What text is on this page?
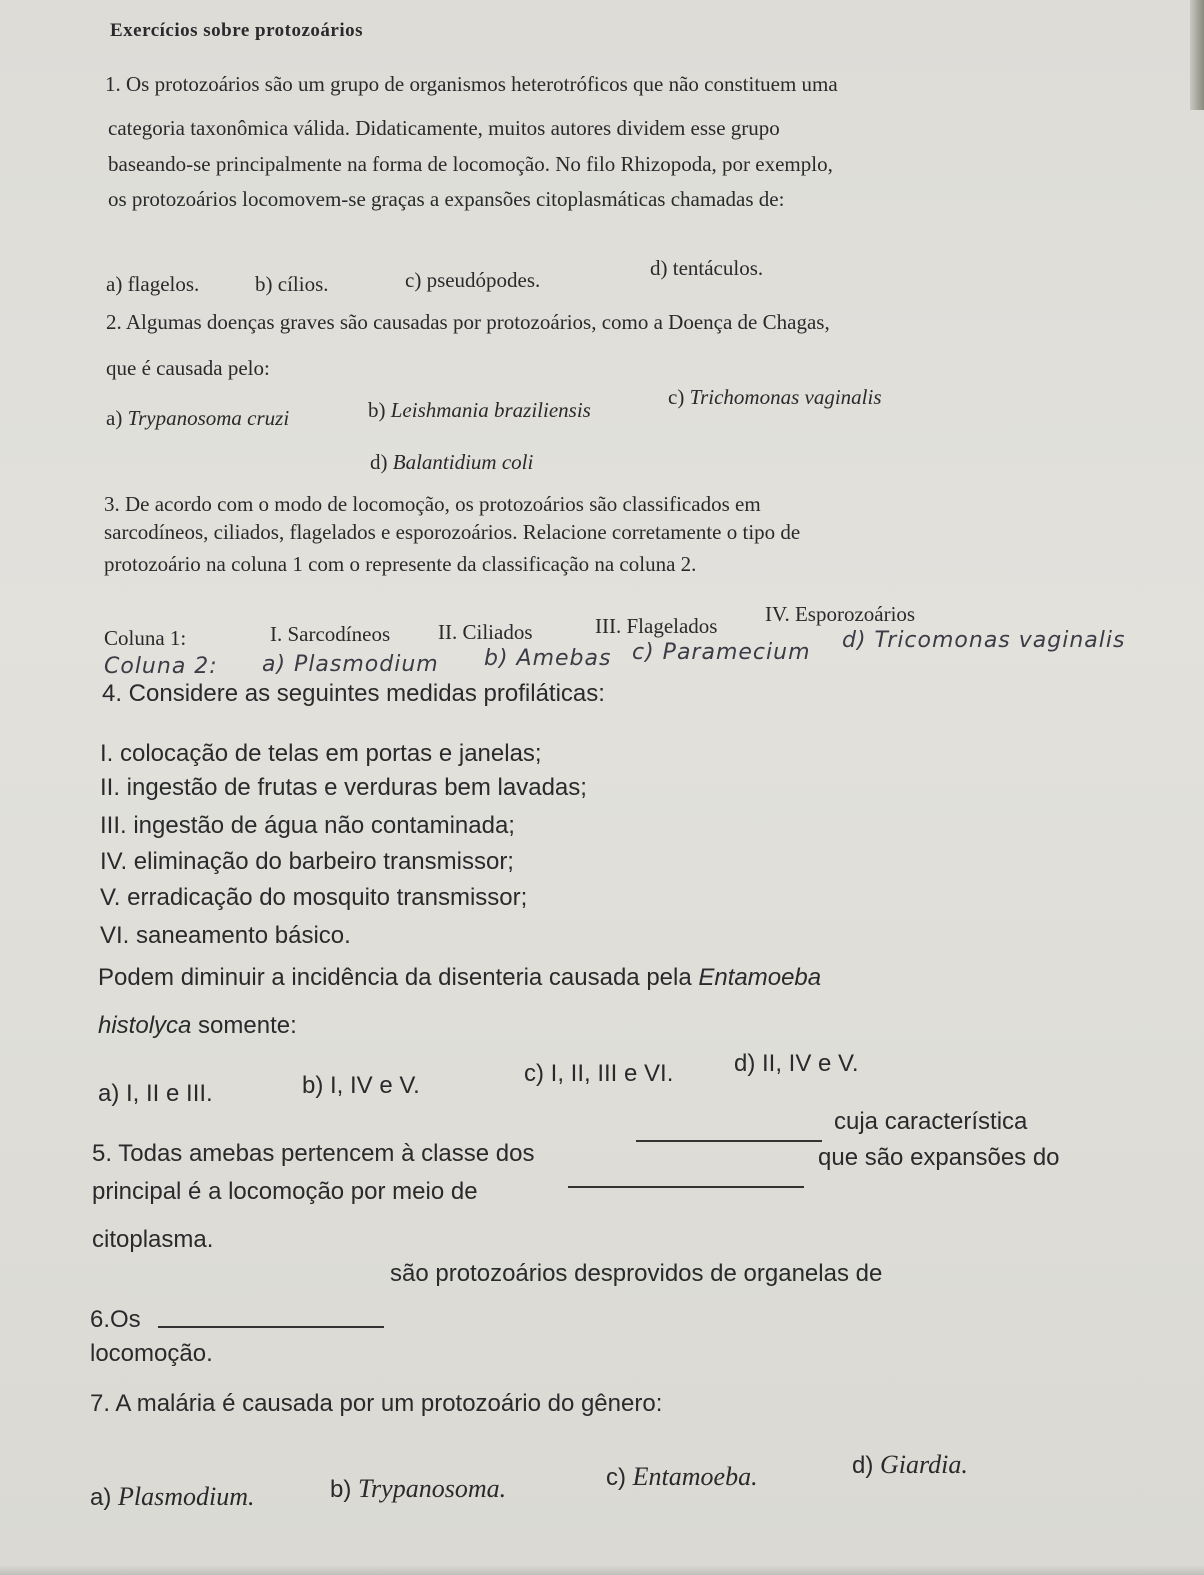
Exercícios sobre protozoários
1. Os protozoários são um grupo de organismos heterotróficos que não constituem uma
categoria taxonômica válida. Didaticamente, muitos autores dividem esse grupo
baseando-se principalmente na forma de locomoção. No filo Rhizopoda, por exemplo,
os protozoários locomovem-se graças a expansões citoplasmáticas chamadas de:
a) flagelos.	b) cílios.	c) pseudópodes.	d) tentáculos.
2. Algumas doenças graves são causadas por protozoários, como a Doença de Chagas,
que é causada pelo:
a) Trypanosoma cruzi	b) Leishmania braziliensis
c) Trichomonas vaginalis
d) Balantidium coli
3. De acordo com o modo de locomoção, os protozoários são classificados em
sarcodíneos, ciliados, flagelados e esporozoários. Relacione corretamente o tipo de
protozoário na coluna 1 com o represente da classificação na coluna 2.
Coluna 1:	I. Sarcodíneos II. Ciliados	III. Flagelados IV. Esporozoários
Coluna 2: a) Plasmodium b) Amebas c) Paramecium d) Tricomonas vaginalis
4. Considere as seguintes medidas profiláticas:
I. colocação de telas em portas e janelas;
II. ingestão de frutas e verduras bem lavadas;
III. ingestão de água não contaminada;
IV. eliminação do barbeiro transmissor;
V. erradicação do mosquito transmissor;
VI. saneamento básico.
Podem diminuir a incidência da disenteria causada pela Entamoeba
histolyca somente:
a) I, II e III.	b) I, IV e V.	c) I, II, III e VI.	d) II, IV e V.
5. Todas amebas pertencem à classe dos
cuja característica
principal é a locomoção por meio de
que são expansões do
citoplasma.
6.Os
são protozoários desprovidos de organelas de
locomoção.
7. A malária é causada por um protozoário do gênero:
a) Plasmodium.	b) Trypanosoma.	c) Entamoeba.	d) Giardia.
